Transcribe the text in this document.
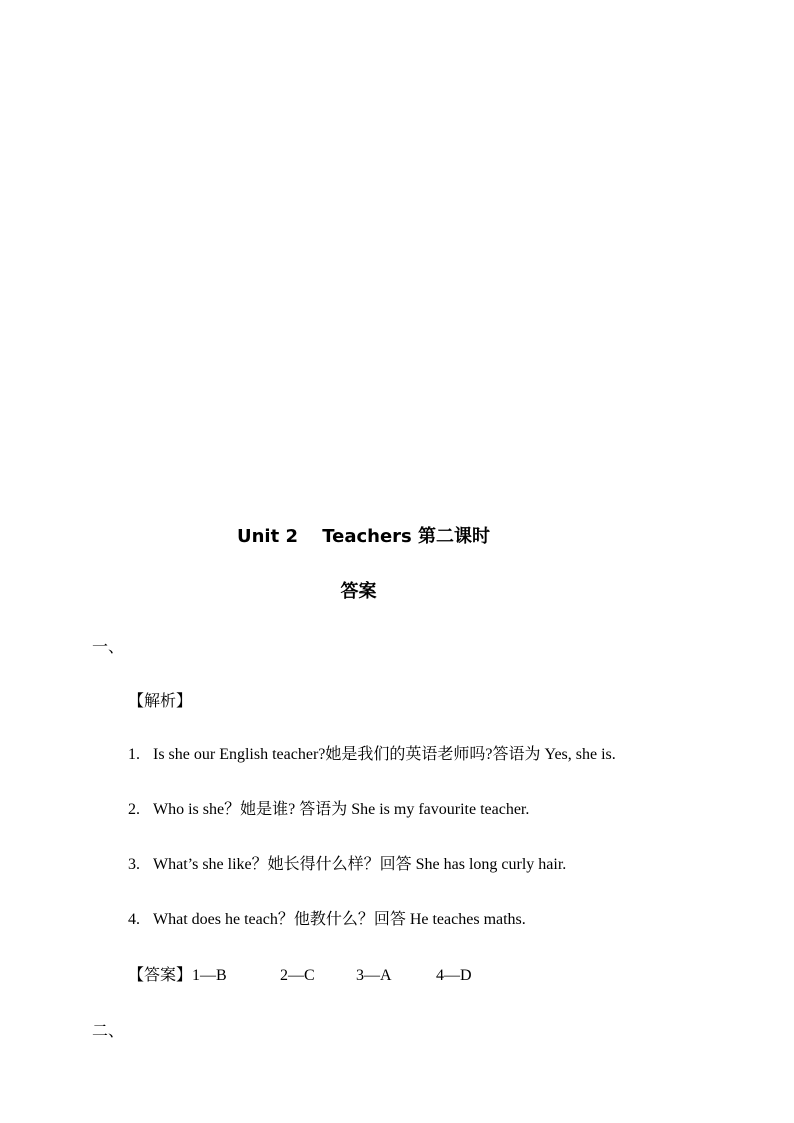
Unit 2　 Teachers 第二课时
答案
一、
【解析】
1. Is she our English teacher?她是我们的英语老师吗?答语为 Yes, she is.
2. Who is she？她是谁? 答语为 She is my favourite teacher.
3. What’s she like？她长得什么样？回答 She has long curly hair.
4. What does he teach？他教什么？回答 He teaches maths.
【答案】1—B	2—C	3—A	4—D
二、
